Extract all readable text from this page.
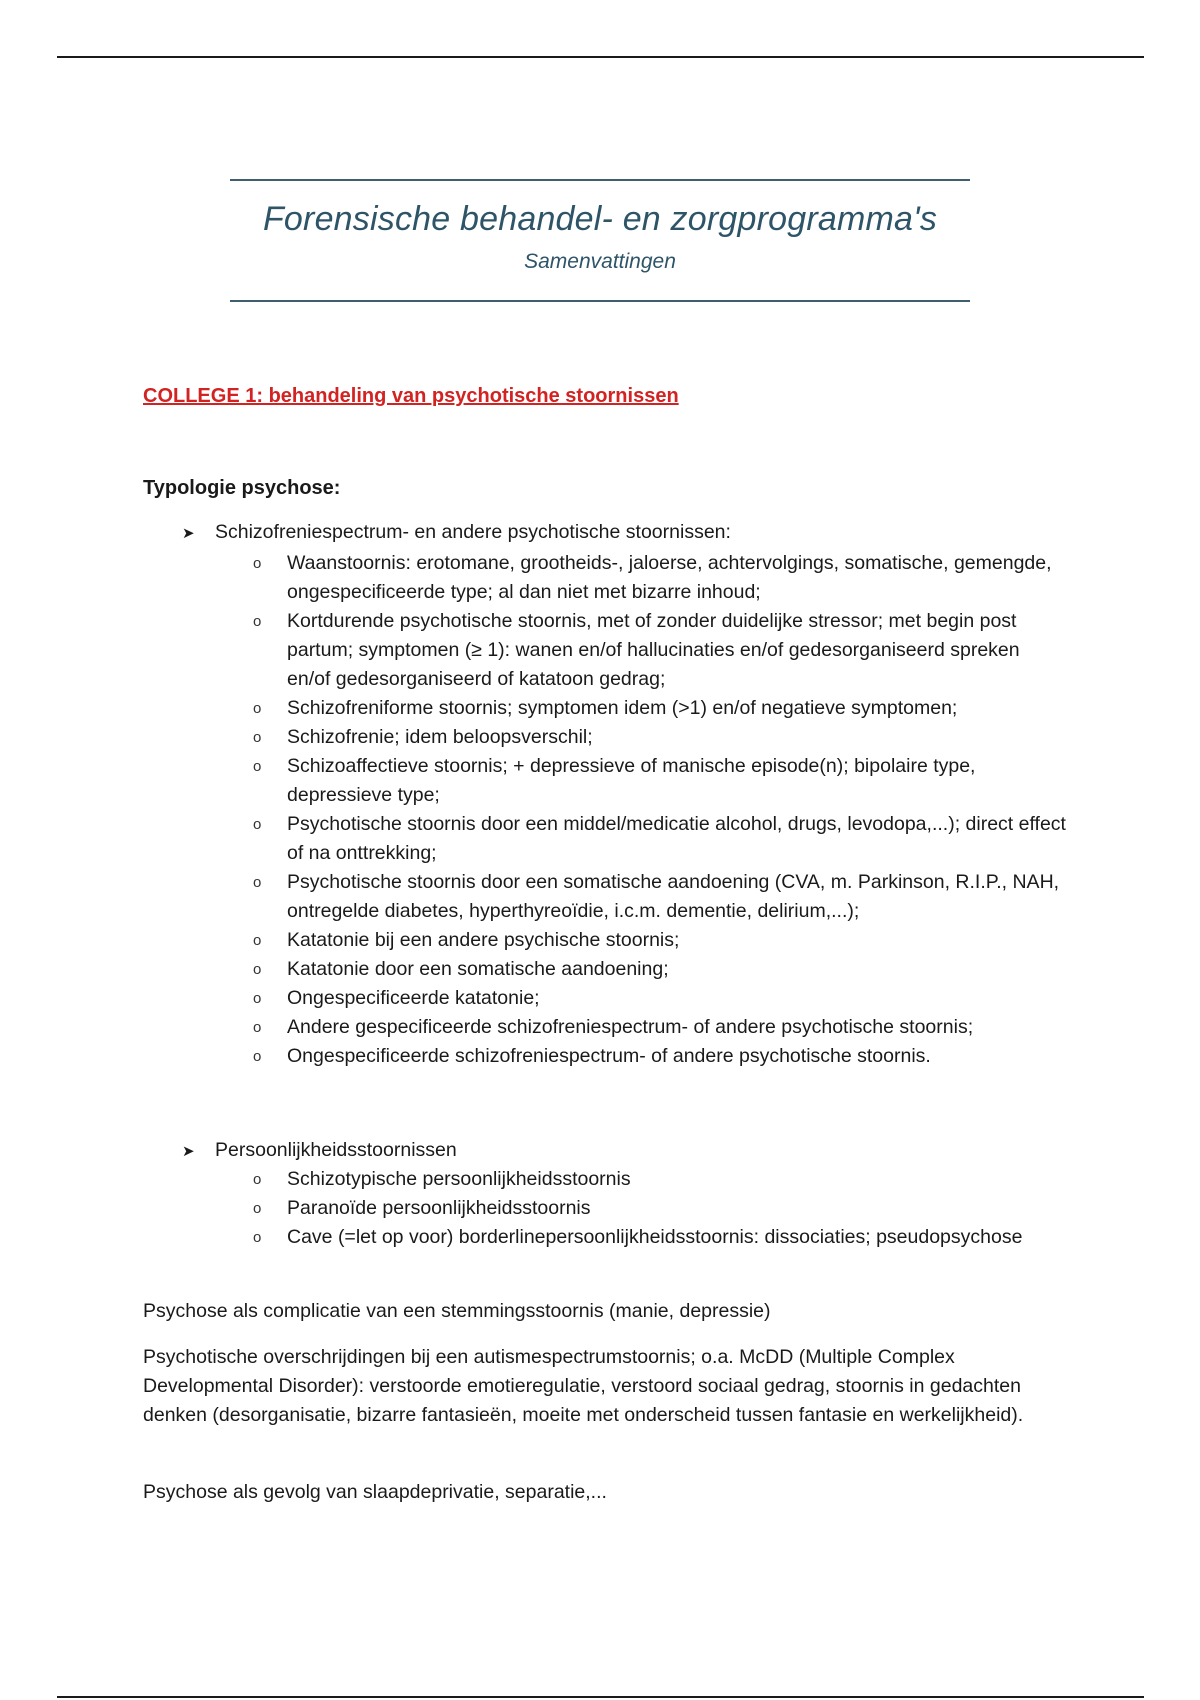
Forensische behandel- en zorgprogramma's
Samenvattingen
COLLEGE 1: behandeling van psychotische stoornissen
Typologie psychose:
➤	Schizofreniespectrum- en andere psychotische stoornissen:
o Waanstoornis: erotomane, grootheids-, jaloerse, achtervolgings, somatische, gemengde, ongespecificeerde type; al dan niet met bizarre inhoud;
o Kortdurende psychotische stoornis, met of zonder duidelijke stressor; met begin post partum; symptomen (≥ 1): wanen en/of hallucinaties en/of gedesorganiseerd spreken en/of gedesorganiseerd of katatoon gedrag;
o Schizofreniforme stoornis; symptomen idem (>1) en/of negatieve symptomen;
o Schizofrenie; idem beloopsverschil;
o Schizoaffectieve stoornis; + depressieve of manische episode(n); bipolaire type, depressieve type;
o Psychotische stoornis door een middel/medicatie alcohol, drugs, levodopa,...); direct effect of na onttrekking;
o Psychotische stoornis door een somatische aandoening (CVA, m. Parkinson, R.I.P., NAH, ontregelde diabetes, hyperthyreoïdie, i.c.m. dementie, delirium,...);
o Katatonie bij een andere psychische stoornis;
o Katatonie door een somatische aandoening;
o Ongespecificeerde katatonie;
o Andere gespecificeerde schizofreniespectrum- of andere psychotische stoornis;
o Ongespecificeerde schizofreniespectrum- of andere psychotische stoornis.
➤	Persoonlijkheidsstoornissen
o Schizotypische persoonlijkheidsstoornis
o Paranoïde persoonlijkheidsstoornis
o Cave (=let op voor) borderlinepersoonlijkheidsstoornis: dissociaties; pseudopsychose
Psychose als complicatie van een stemmingsstoornis (manie, depressie)
Psychotische overschrijdingen bij een autismespectrumstoornis; o.a. McDD (Multiple Complex Developmental Disorder): verstoorde emotieregulatie, verstoord sociaal gedrag, stoornis in gedachten denken (desorganisatie, bizarre fantasieën, moeite met onderscheid tussen fantasie en werkelijkheid).
Psychose als gevolg van slaapdeprivatie, separatie,...
